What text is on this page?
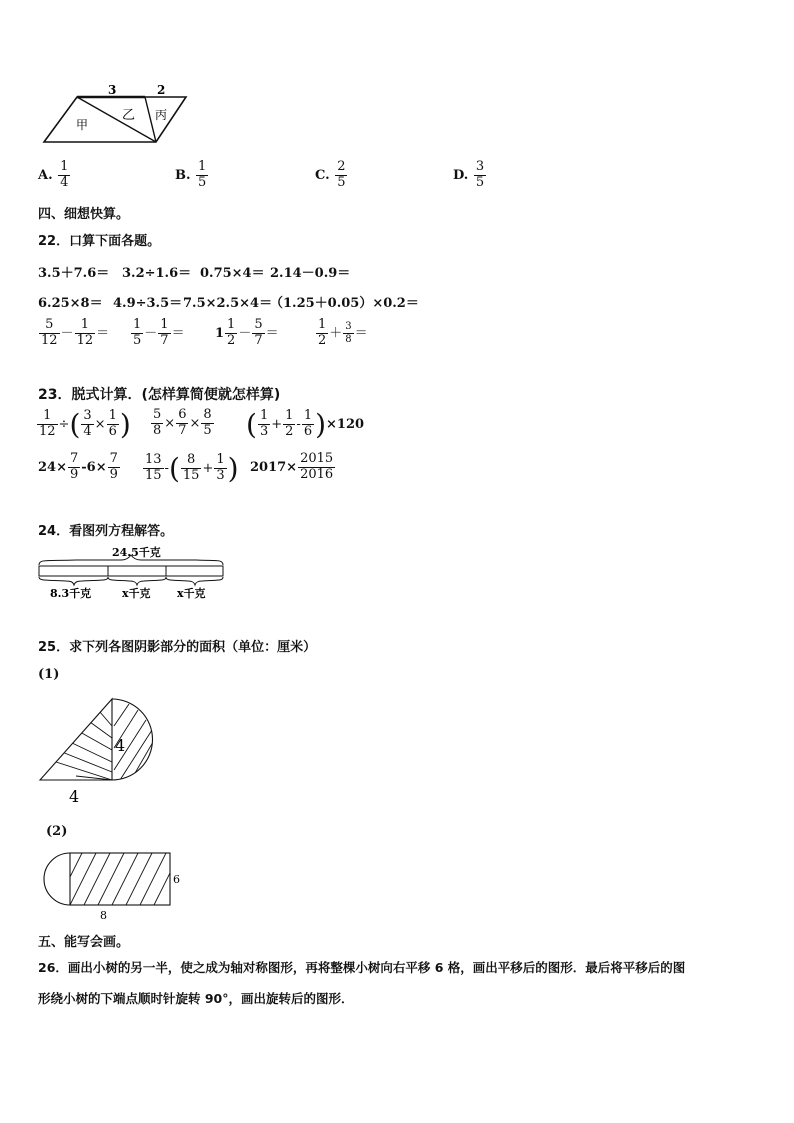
3	2
甲
乙 丙
A. $\frac{1}{4}$	B. $\frac{1}{5}$	C. $\frac{2}{5}$	D. $\frac{3}{5}$
四、细想快算。
22．口算下面各题。
3.5＋7.6＝ 3.2÷1.6＝ 0.75×4＝ 2.14－0.9＝
6.25×8＝ 4.9÷3.5＝ 7.5×2.5×4＝
（1.25＋0.05）×0.2＝
$\frac{5}{12} - \frac{1}{12} = \frac{1}{5} - \frac{1}{7} = 1 \frac{1}{2} - \frac{5}{7}$ ＝	$\frac{1}{2} + \frac{3}{8}$ ＝
23．脱式计算．(怎样算简便就怎样算)
$\frac{1}{12}$ ÷( $\frac{3}{4} \times \frac{1}{6}$ ) $\frac{5}{8} \times \frac{6}{7} \times \frac{8}{5}$ ( $\frac{1}{3} + \frac{1}{2} - \frac{1}{6} )\times 120$
$24\times \frac{7}{9} -6\times \frac{7}{9} \frac{13}{15}$ -( $\frac{8}{15} + \frac{1}{3}$ ) $2017\times \frac{2015}{2016}$
24．看图列方程解答。
24.5千克
8.3千克	x千克 x千克
25．求下列各图阴影部分的面积（单位：厘米）
(1)
4
4
(2)
6
8
五、能写会画。
26．画出小树的另一半，使之成为轴对称图形，再将整棵小树向右平移 6 格，画出平移后的图形．最后将平移后的图
形绕小树的下端点顺时针旋转 90°，画出旋转后的图形．
